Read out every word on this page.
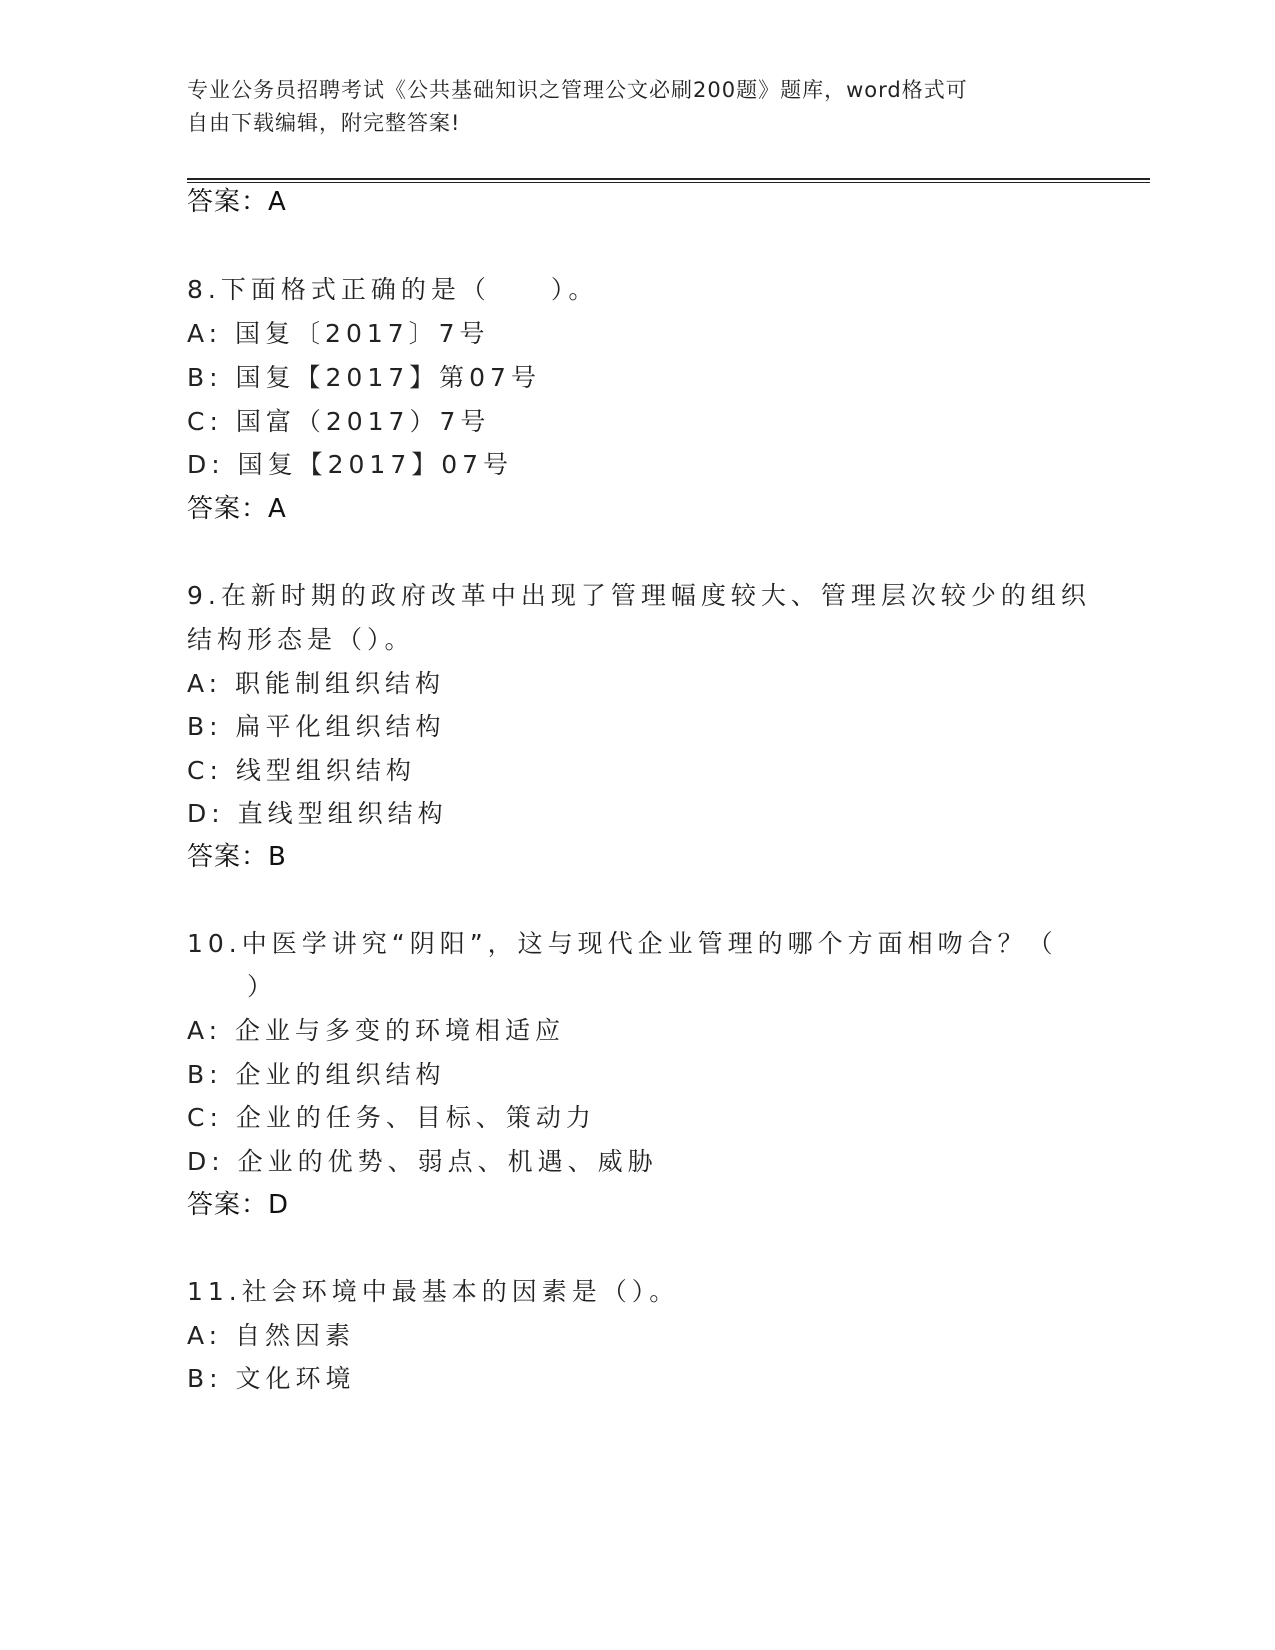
专业公务员招聘考试《公共基础知识之管理公文必刷200题》题库，word格式可
自由下载编辑，附完整答案!
答案：A
8.下面格式正确的是（　　）。
A: 国复〔2017〕7号
B: 国复【2017】第07号
C: 国富（2017）7号
D: 国复【2017】07号
答案：A
9.在新时期的政府改革中出现了管理幅度较大、管理层次较少的组织
结构形态是（）。
A: 职能制组织结构
B: 扁平化组织结构
C: 线型组织结构
D: 直线型组织结构
答案：B
10.中医学讲究“阴阳”，这与现代企业管理的哪个方面相吻合？（
　　）
A: 企业与多变的环境相适应
B: 企业的组织结构
C: 企业的任务、目标、策动力
D: 企业的优势、弱点、机遇、威胁
答案：D
11.社会环境中最基本的因素是（）。
A: 自然因素
B: 文化环境
